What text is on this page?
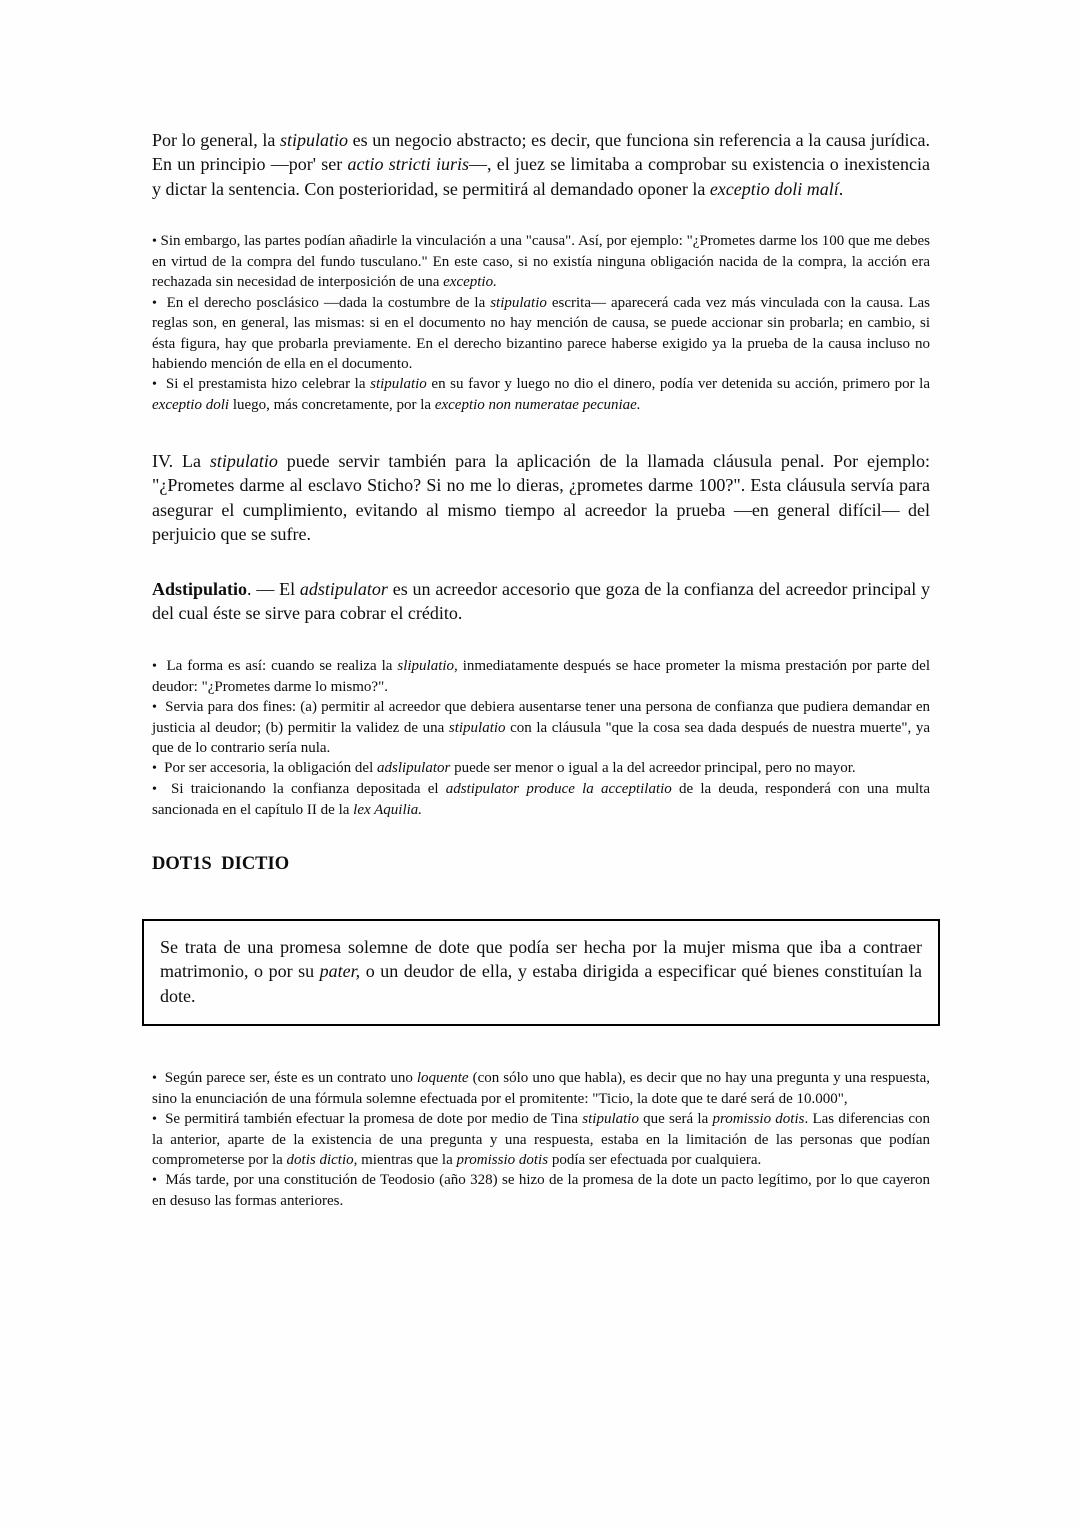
Por lo general, la stipulatio es un negocio abstracto; es decir, que funciona sin referencia a la causa jurídica. En un principio —por' ser actio stricti iuris—, el juez se limitaba a comprobar su existencia o inexistencia y dictar la sentencia. Con posterioridad, se permitirá al demandado oponer la exceptio doli malí.
• Sin embargo, las partes podían añadirle la vinculación a una "causa". Así, por ejemplo: "¿Prometes darme los 100 que me debes en virtud de la compra del fundo tusculano." En este caso, si no existía ninguna obligación nacida de la compra, la acción era rechazada sin necesidad de interposición de una exceptio.
•  En el derecho posclásico —dada la costumbre de la stipulatio escrita— aparecerá cada vez más vinculada con la causa. Las reglas son, en general, las mismas: si en el documento no hay mención de causa, se puede accionar sin probarla; en cambio, si ésta figura, hay que probarla previamente. En el derecho bizantino parece haberse exigido ya la prueba de la causa incluso no habiendo mención de ella en el documento.
•  Si el prestamista hizo celebrar la stipulatio en su favor y luego no dio el dinero, podía ver detenida su acción, primero por la exceptio doli luego, más concretamente, por la exceptio non numeratae pecuniae.
IV. La stipulatio puede servir también para la aplicación de la llamada cláusula penal. Por ejemplo: "¿Prometes darme al esclavo Sticho? Si no me lo dieras, ¿prometes darme 100?". Esta cláusula servía para asegurar el cumplimiento, evitando al mismo tiempo al acreedor la prueba —en general difícil— del perjuicio que se sufre.
Adstipulatio. — El adstipulator es un acreedor accesorio que goza de la confianza del acreedor principal y del cual éste se sirve para cobrar el crédito.
•  La forma es así: cuando se realiza la slipulatio, inmediatamente después se hace prometer la misma prestación por parte del deudor: "¿Prometes darme lo mismo?".
•  Servia para dos fines: (a) permitir al acreedor que debiera ausentarse tener una persona de confianza que pudiera demandar en justicia al deudor; (b) permitir la validez de una stipulatio con la cláusula "que la cosa sea dada después de nuestra muerte", ya que de lo contrario sería nula.
•  Por ser accesoria, la obligación del adslipulator puede ser menor o igual a la del acreedor principal, pero no mayor.
•  Si traicionando la confianza depositada el adstipulator produce la acceptilatio de la deuda, responderá con una multa sancionada en el capítulo II de la lex Aquilia.
DOT1S DICTIO
Se trata de una promesa solemne de dote que podía ser hecha por la mujer misma que iba a contraer matrimonio, o por su pater, o un deudor de ella, y estaba dirigida a especificar qué bienes constituían la dote.
•  Según parece ser, éste es un contrato uno loquente (con sólo uno que habla), es decir que no hay una pregunta y una respuesta, sino la enunciación de una fórmula solemne efectuada por el promitente: "Ticio, la dote que te daré será de 10.000",
•  Se permitirá también efectuar la promesa de dote por medio de Tina stipulatio que será la promissio dotis. Las diferencias con la anterior, aparte de la existencia de una pregunta y una respuesta, estaba en la limitación de las personas que podían comprometerse por la dotis dictio, mientras que la promissio dotis podía ser efectuada por cualquiera.
•  Más tarde, por una constitución de Teodosio (año 328) se hizo de la promesa de la dote un pacto legítimo, por lo que cayeron en desuso las formas anteriores.
